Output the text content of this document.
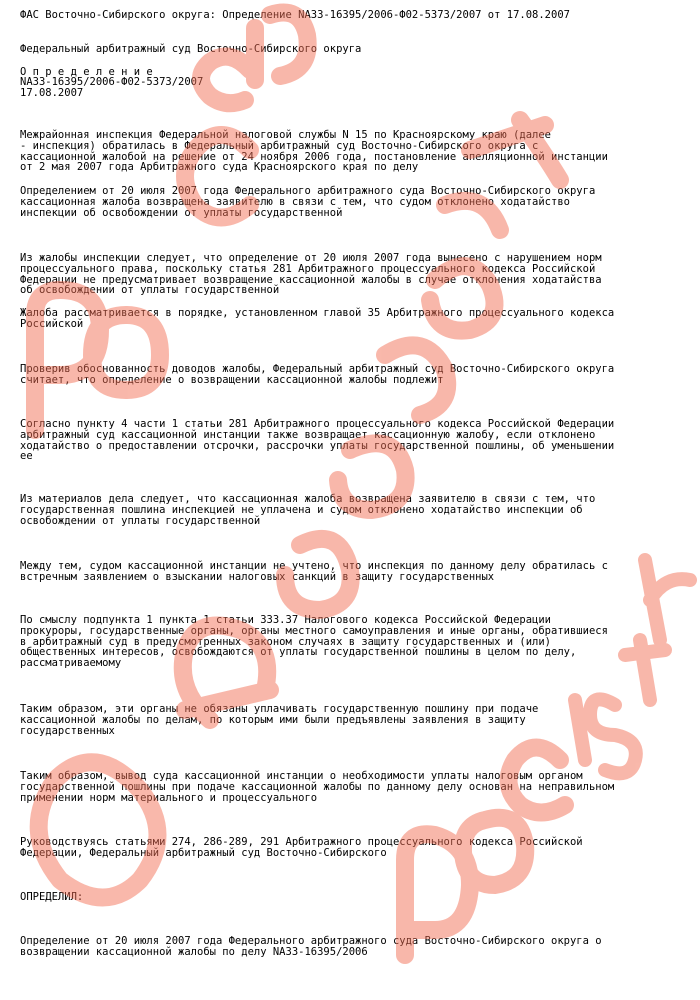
ФАС Восточно-Сибирского округа: Определение NА33-16395/2006-Ф02-5373/2007 от 17.08.2007
Федеральный арбитражный суд Восточно-Сибирского округа
О п р е д е л е н и е
NА33-16395/2006-Ф02-5373/2007
17.08.2007
Межрайонная инспекция Федеральной налоговой службы N 15 по Красноярскому краю (далее
- инспекция) обратилась в Федеральный арбитражный суд Восточно-Сибирского округа с
кассационной жалобой на решение от 24 ноября 2006 года, постановление апелляционной инстанции
от 2 мая 2007 года Арбитражного суда Красноярского края по делу
Определением от 20 июля 2007 года Федерального арбитражного суда Восточно-Сибирского округа
кассационная жалоба возвращена заявителю в связи с тем, что судом отклонено ходатайство
инспекции об освобождении от уплаты государственной
Из жалобы инспекции следует, что определение от 20 июля 2007 года вынесено с нарушением норм
процессуального права, поскольку статья 281 Арбитражного процессуального кодекса Российской
Федерации не предусматривает возвращение кассационной жалобы в случае отклонения ходатайства
об освобождении от уплаты государственной
Жалоба рассматривается в порядке, установленном главой 35 Арбитражного процессуального кодекса
Российской
Проверив обоснованность доводов жалобы, Федеральный арбитражный суд Восточно-Сибирского округа
считает, что определение о возвращении кассационной жалобы подлежит
Согласно пункту 4 части 1 статьи 281 Арбитражного процессуального кодекса Российской Федерации
арбитражный суд кассационной инстанции также возвращает кассационную жалобу, если отклонено
ходатайство о предоставлении отсрочки, рассрочки уплаты государственной пошлины, об уменьшении
ее
Из материалов дела следует, что кассационная жалоба возвращена заявителю в связи с тем, что
государственная пошлина инспекцией не уплачена и судом отклонено ходатайство инспекции об
освобождении от уплаты государственной
Между тем, судом кассационной инстанции не учтено, что инспекция по данному делу обратилась с
встречным заявлением о взыскании налоговых санкций в защиту государственных
По смыслу подпункта 1 пункта 1 статьи 333.37 Налогового кодекса Российской Федерации
прокуроры, государственные органы, органы местного самоуправления и иные органы, обратившиеся
в арбитражный суд в предусмотренных законом случаях в защиту государственных и (или)
общественных интересов, освобождаются от уплаты государственной пошлины в целом по делу,
рассматриваемому
Таким образом, эти органы не обязаны уплачивать государственную пошлину при подаче
кассационной жалобы по делам, по которым ими были предъявлены заявления в защиту
государственных
Таким образом, вывод суда кассационной инстанции о необходимости уплаты налоговым органом
государственной пошлины при подаче кассационной жалобы по данному делу основан на неправильном
применении норм материального и процессуального
Руководствуясь статьями 274, 286-289, 291 Арбитражного процессуального кодекса Российской
Федерации, Федеральный арбитражный суд Восточно-Сибирского
ОПРЕДЕЛИЛ:
Определение от 20 июля 2007 года Федерального арбитражного суда Восточно-Сибирского округа о
возвращении кассационной жалобы по делу NА33-16395/2006
